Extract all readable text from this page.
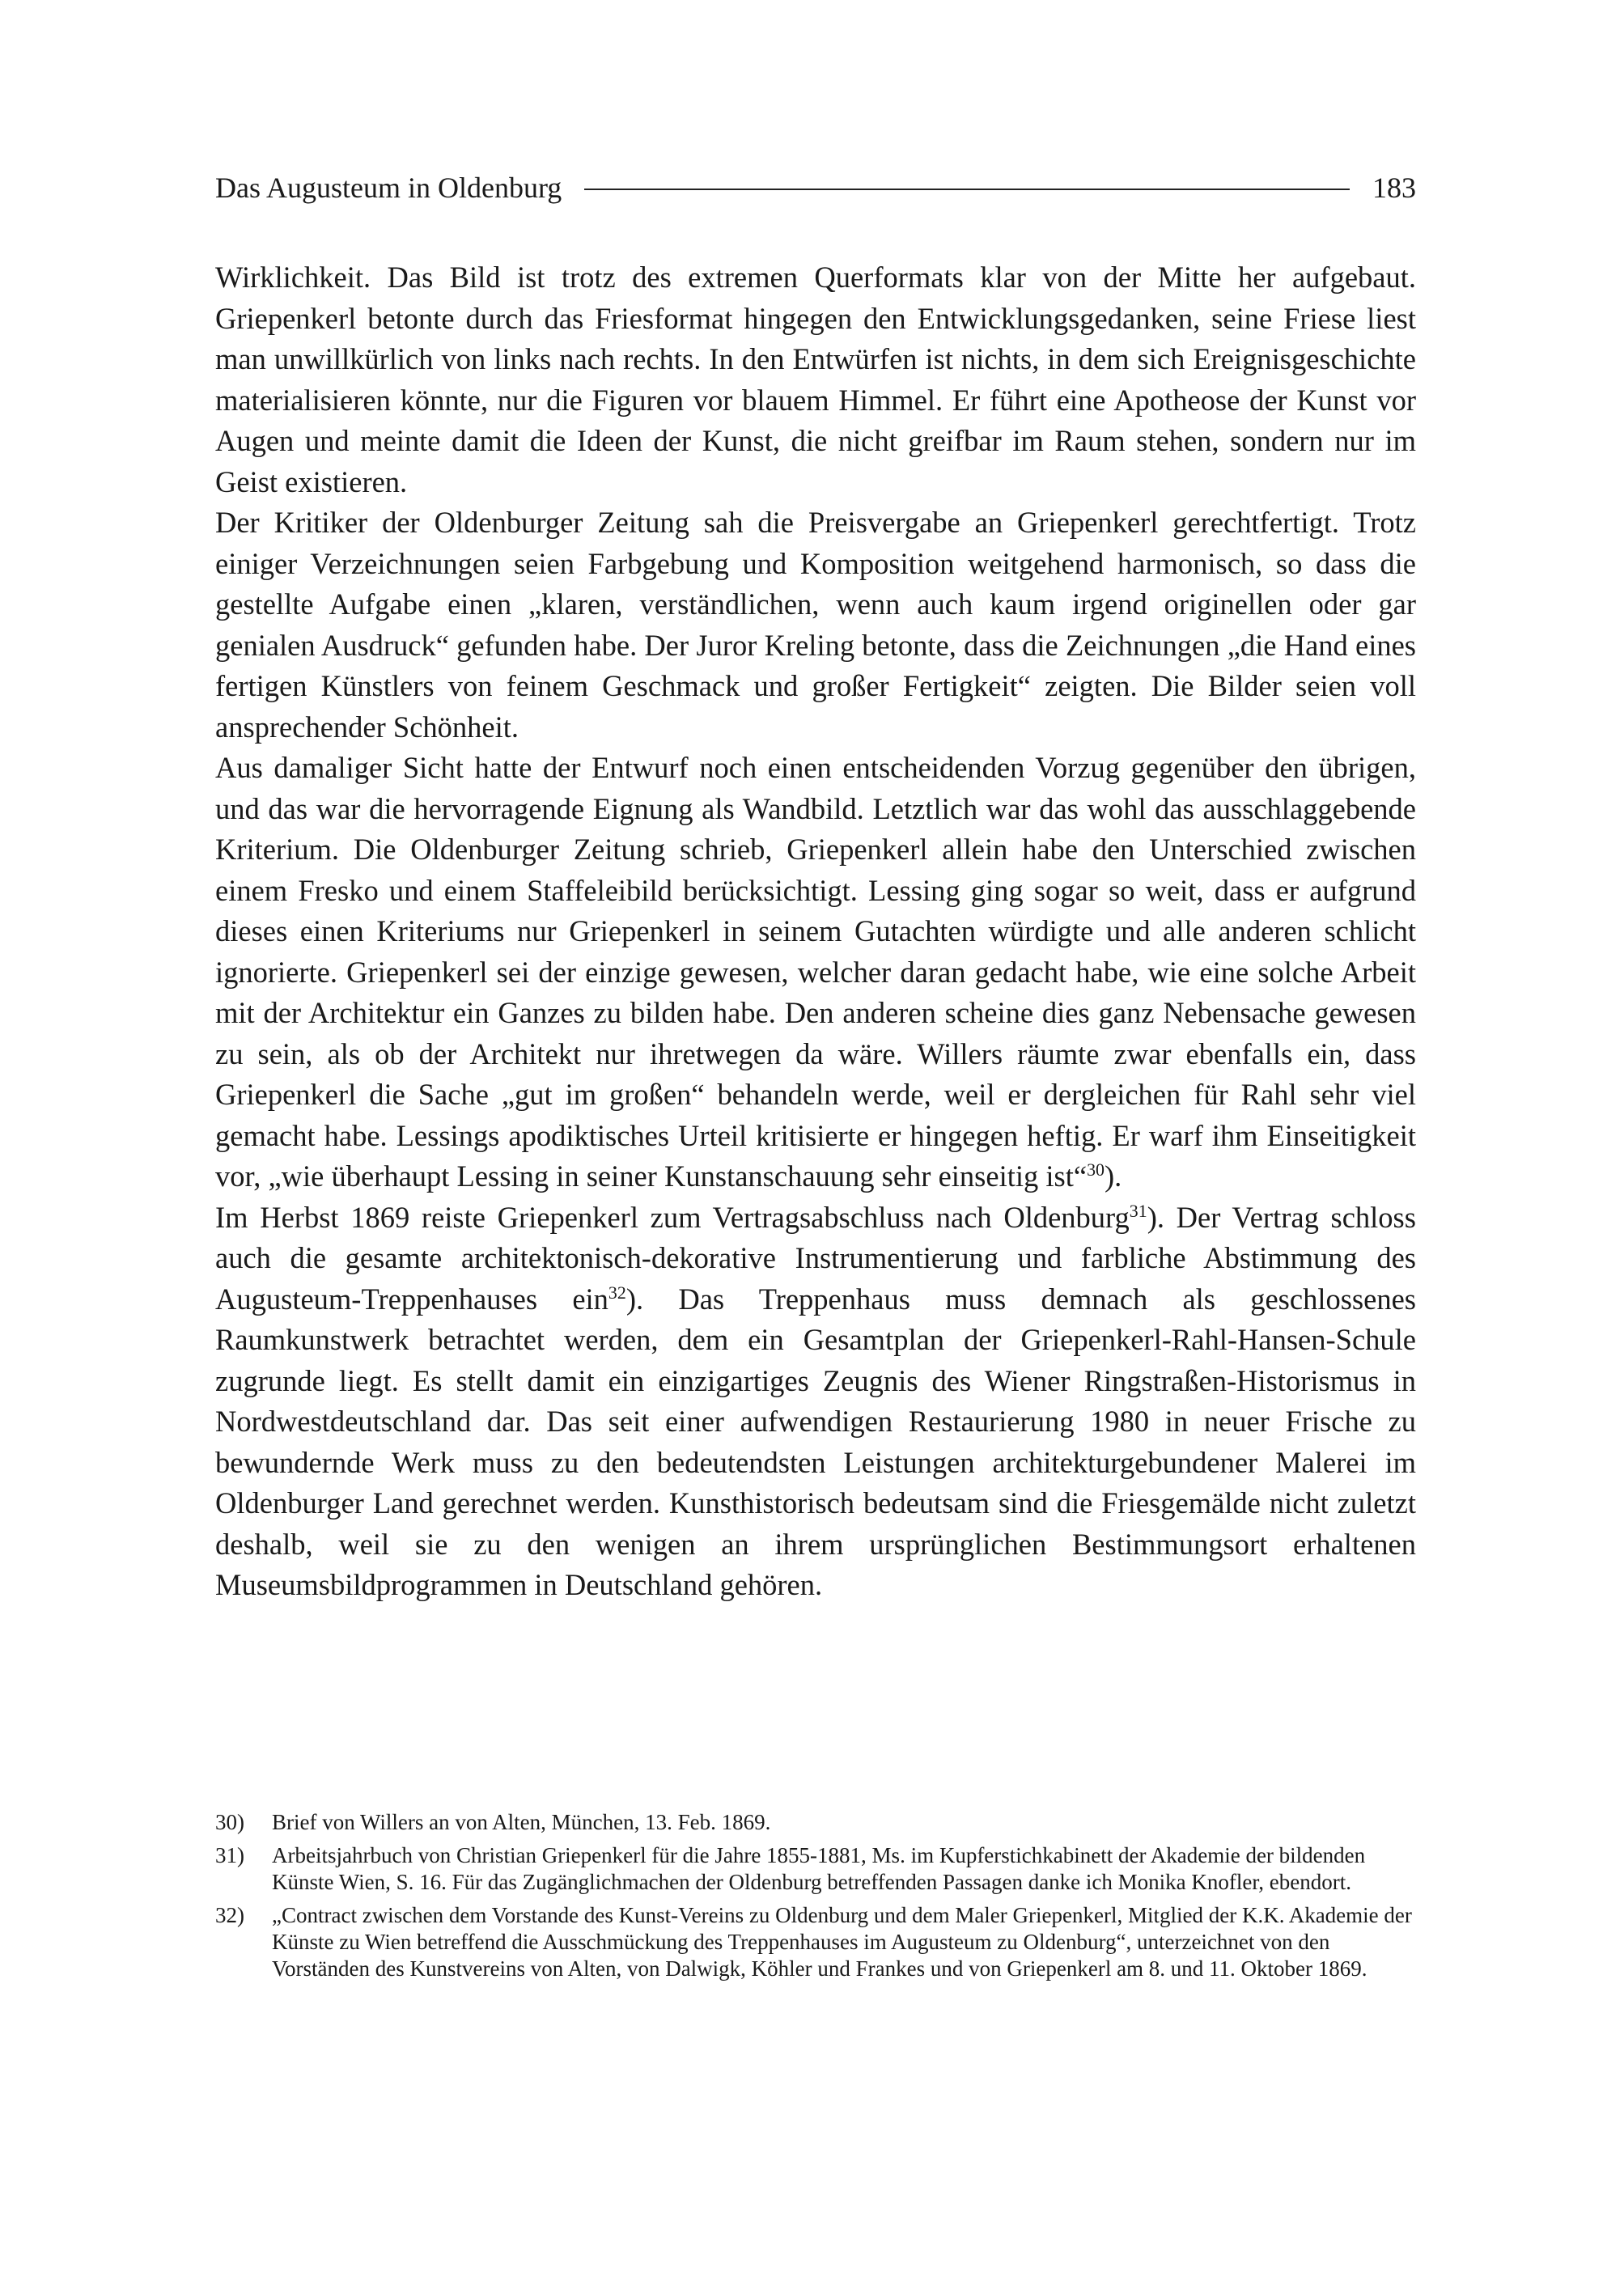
Das Augusteum in Oldenburg	183

Wirklichkeit. Das Bild ist trotz des extremen Querformats klar von der Mitte her aufgebaut. Griepenkerl betonte durch das Friesformat hingegen den Entwicklungsgedanken, seine Friese liest man unwillkürlich von links nach rechts. In den Entwürfen ist nichts, in dem sich Ereignisgeschichte materialisieren könnte, nur die Figuren vor blauem Himmel. Er führt eine Apotheose der Kunst vor Augen und meinte damit die Ideen der Kunst, die nicht greifbar im Raum stehen, sondern nur im Geist existieren.

Der Kritiker der Oldenburger Zeitung sah die Preisvergabe an Griepenkerl gerechtfertigt. Trotz einiger Verzeichnungen seien Farbgebung und Komposition weitgehend harmonisch, so dass die gestellte Aufgabe einen „klaren, verständlichen, wenn auch kaum irgend originellen oder gar genialen Ausdruck“ gefunden habe. Der Juror Kreling betonte, dass die Zeichnungen „die Hand eines fertigen Künstlers von feinem Geschmack und großer Fertigkeit“ zeigten. Die Bilder seien voll ansprechender Schönheit.

Aus damaliger Sicht hatte der Entwurf noch einen entscheidenden Vorzug gegenüber den übrigen, und das war die hervorragende Eignung als Wandbild. Letztlich war das wohl das ausschlaggebende Kriterium. Die Oldenburger Zeitung schrieb, Griepenkerl allein habe den Unterschied zwischen einem Fresko und einem Staffeleibild berücksichtigt. Lessing ging sogar so weit, dass er aufgrund dieses einen Kriteriums nur Griepenkerl in seinem Gutachten würdigte und alle anderen schlicht ignorierte. Griepenkerl sei der einzige gewesen, welcher daran gedacht habe, wie eine solche Arbeit mit der Architektur ein Ganzes zu bilden habe. Den anderen scheine dies ganz Nebensache gewesen zu sein, als ob der Architekt nur ihretwegen da wäre. Willers räumte zwar ebenfalls ein, dass Griepenkerl die Sache „gut im großen“ behandeln werde, weil er dergleichen für Rahl sehr viel gemacht habe. Lessings apodiktisches Urteil kritisierte er hingegen heftig. Er warf ihm Einseitigkeit vor, „wie überhaupt Lessing in seiner Kunstanschauung sehr einseitig ist“$^{30}$).

Im Herbst 1869 reiste Griepenkerl zum Vertragsabschluss nach Oldenburg$^{31}$). Der Vertrag schloss auch die gesamte architektonisch-dekorative Instrumentierung und farbliche Abstimmung des Augusteum-Treppenhauses ein$^{32}$). Das Treppenhaus muss demnach als geschlossenes Raumkunstwerk betrachtet werden, dem ein Gesamtplan der Griepenkerl-Rahl-Hansen-Schule zugrunde liegt. Es stellt damit ein einzigartiges Zeugnis des Wiener Ringstraßen-Historismus in Nordwestdeutschland dar. Das seit einer aufwendigen Restaurierung 1980 in neuer Frische zu bewundernde Werk muss zu den bedeutendsten Leistungen architekturgebundener Malerei im Oldenburger Land gerechnet werden. Kunsthistorisch bedeutsam sind die Friesgemälde nicht zuletzt deshalb, weil sie zu den wenigen an ihrem ursprünglichen Bestimmungsort erhaltenen Museumsbildprogrammen in Deutschland gehören.

30)	Brief von Willers an von Alten, München, 13. Feb. 1869.
31)	Arbeitsjahrbuch von Christian Griepenkerl für die Jahre 1855-1881, Ms. im Kupferstichkabinett der Akademie der bildenden Künste Wien, S. 16. Für das Zugänglichmachen der Oldenburg betreffenden Passagen danke ich Monika Knofler, ebendort.
32)	„Contract zwischen dem Vorstande des Kunst-Vereins zu Oldenburg und dem Maler Griepenkerl, Mitglied der K.K. Akademie der Künste zu Wien betreffend die Ausschmückung des Treppenhauses im Augusteum zu Oldenburg“, unterzeichnet von den Vorständen des Kunstvereins von Alten, von Dalwigk, Köhler und Frankes und von Griepenkerl am 8. und 11. Oktober 1869.
